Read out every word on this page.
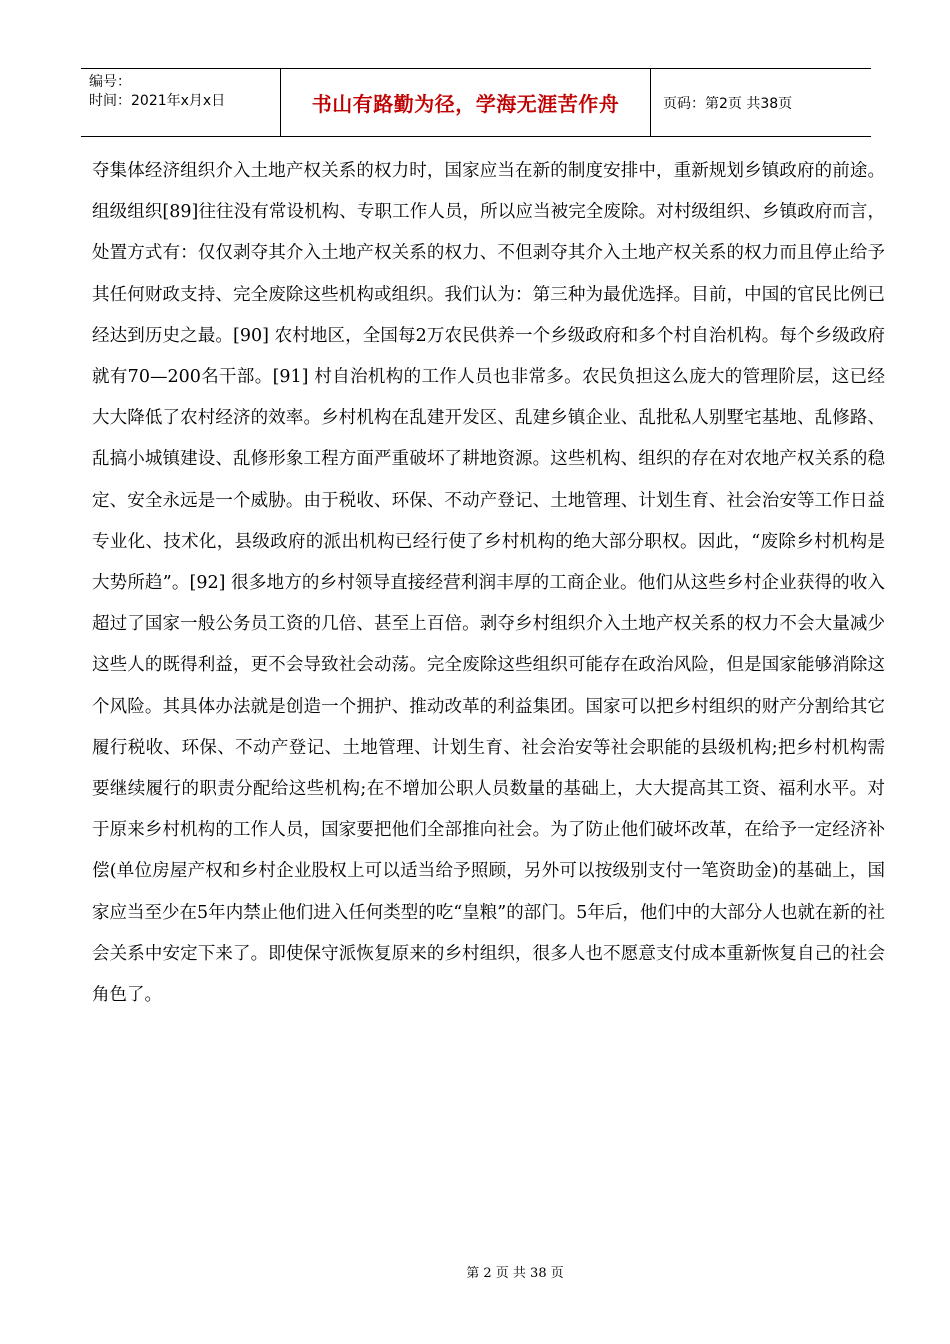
编号：
时间：2021年x月x日	书山有路勤为径，学海无涯苦作舟	页码：第2页 共38页

夺集体经济组织介入土地产权关系的权力时，国家应当在新的制度安排中，重新规划乡镇政府的前途。组级组织[89]往往没有常设机构、专职工作人员，所以应当被完全废除。对村级组织、乡镇政府而言，处置方式有：仅仅剥夺其介入土地产权关系的权力、不但剥夺其介入土地产权关系的权力而且停止给予其任何财政支持、完全废除这些机构或组织。我们认为：第三种为最优选择。目前，中国的官民比例已经达到历史之最。[90] 农村地区，全国每2万农民供养一个乡级政府和多个村自治机构。每个乡级政府就有70—200名干部。[91] 村自治机构的工作人员也非常多。农民负担这么庞大的管理阶层，这已经大大降低了农村经济的效率。乡村机构在乱建开发区、乱建乡镇企业、乱批私人别墅宅基地、乱修路、乱搞小城镇建设、乱修形象工程方面严重破坏了耕地资源。这些机构、组织的存在对农地产权关系的稳定、安全永远是一个威胁。由于税收、环保、不动产登记、土地管理、计划生育、社会治安等工作日益专业化、技术化，县级政府的派出机构已经行使了乡村机构的绝大部分职权。因此，“废除乡村机构是大势所趋”。[92] 很多地方的乡村领导直接经营利润丰厚的工商企业。他们从这些乡村企业获得的收入超过了国家一般公务员工资的几倍、甚至上百倍。剥夺乡村组织介入土地产权关系的权力不会大量减少这些人的既得利益，更不会导致社会动荡。完全废除这些组织可能存在政治风险，但是国家能够消除这个风险。其具体办法就是创造一个拥护、推动改革的利益集团。国家可以把乡村组织的财产分割给其它履行税收、环保、不动产登记、土地管理、计划生育、社会治安等社会职能的县级机构;把乡村机构需要继续履行的职责分配给这些机构;在不增加公职人员数量的基础上，大大提高其工资、福利水平。对于原来乡村机构的工作人员，国家要把他们全部推向社会。为了防止他们破坏改革，在给予一定经济补偿(单位房屋产权和乡村企业股权上可以适当给予照顾，另外可以按级别支付一笔资助金)的基础上，国家应当至少在5年内禁止他们进入任何类型的吃“皇粮”的部门。5年后，他们中的大部分人也就在新的社会关系中安定下来了。即使保守派恢复原来的乡村组织，很多人也不愿意支付成本重新恢复自己的社会角色了。

第 2 页 共 38 页
